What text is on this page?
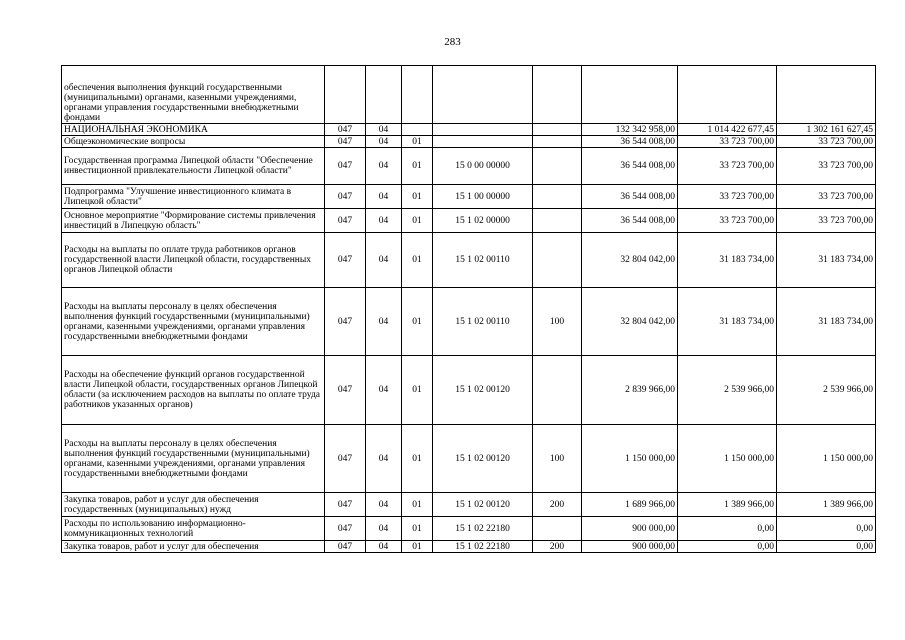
283
обеспечения выполнения функций государственными (муниципальными) органами, казенными учреждениями, органами управления государственными внебюджетными фондами								
НАЦИОНАЛЬНАЯ ЭКОНОМИКА	047	04				132 342 958,00	1 014 422 677,45	1 302 161 627,45
Общеэкономические вопросы	047	04	01			36 544 008,00	33 723 700,00	33 723 700,00
Государственная программа Липецкой области "Обеспечение инвестиционной привлекательности Липецкой области"	047	04	01	15 0 00 00000		36 544 008,00	33 723 700,00	33 723 700,00
Подпрограмма "Улучшение инвестиционного климата в Липецкой области"	047	04	01	15 1 00 00000		36 544 008,00	33 723 700,00	33 723 700,00
Основное мероприятие "Формирование системы привлечения инвестиций в Липецкую область"	047	04	01	15 1 02 00000		36 544 008,00	33 723 700,00	33 723 700,00
Расходы на выплаты по оплате труда работников органов государственной власти Липецкой области, государственных органов Липецкой области	047	04	01	15 1 02 00110		32 804 042,00	31 183 734,00	31 183 734,00
Расходы на выплаты персоналу в целях обеспечения выполнения функций государственными (муниципальными) органами, казенными учреждениями, органами управления государственными внебюджетными фондами	047	04	01	15 1 02 00110	100	32 804 042,00	31 183 734,00	31 183 734,00
Расходы на обеспечение функций органов государственной власти Липецкой области, государственных органов Липецкой области (за исключением расходов на выплаты по оплате труда работников указанных органов)	047	04	01	15 1 02 00120		2 839 966,00	2 539 966,00	2 539 966,00
Расходы на выплаты персоналу в целях обеспечения выполнения функций государственными (муниципальными) органами, казенными учреждениями, органами управления государственными внебюджетными фондами	047	04	01	15 1 02 00120	100	1 150 000,00	1 150 000,00	1 150 000,00
Закупка товаров, работ и услуг для обеспечения государственных (муниципальных) нужд	047	04	01	15 1 02 00120	200	1 689 966,00	1 389 966,00	1 389 966,00
Расходы по использованию информационно-коммуникационных технологий	047	04	01	15 1 02 22180		900 000,00	0,00	0,00
Закупка товаров, работ и услуг для обеспечения	047	04	01	15 1 02 22180	200	900 000,00	0,00	0,00
